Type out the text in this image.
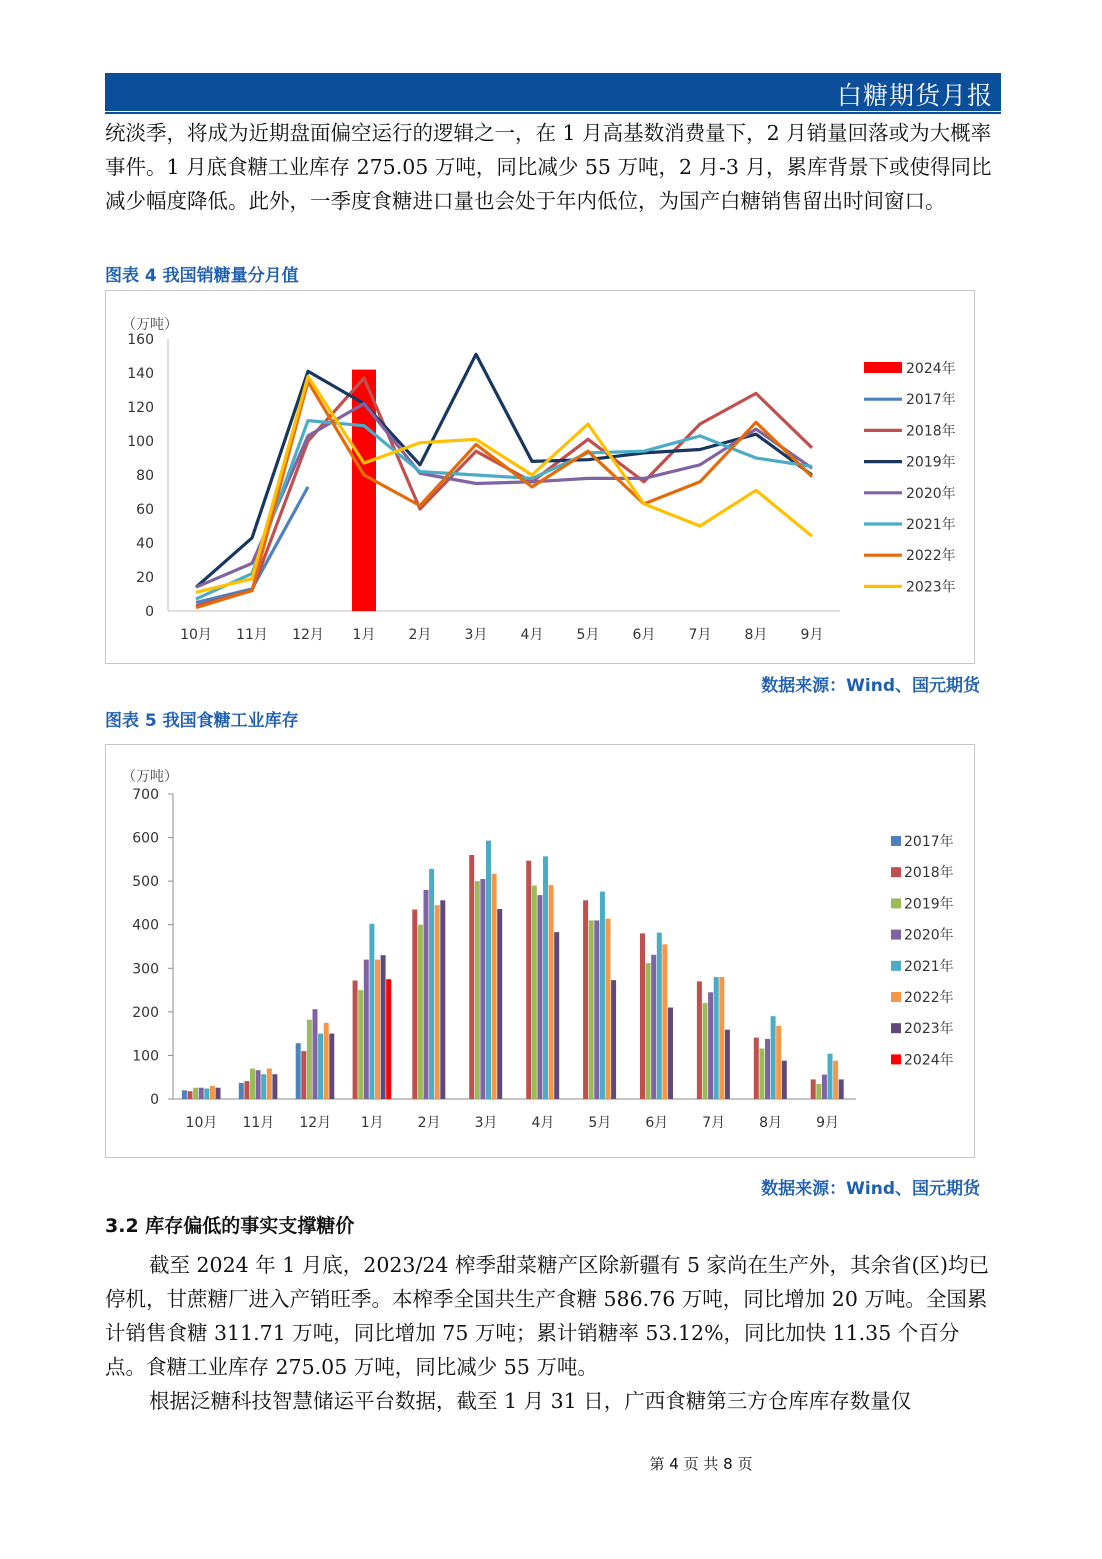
白糖期货月报

统淡季，将成为近期盘面偏空运行的逻辑之一，在 1 月高基数消费量下，2 月销量回落或为大概率事件。1 月底食糖工业库存 275.05 万吨，同比减少 55 万吨，2 月-3 月，累库背景下或使得同比减少幅度降低。此外，一季度食糖进口量也会处于年内低位，为国产白糖销售留出时间窗口。

图表 4 我国销糖量分月值
（万吨）
0
20
40
60
80
100
120
140
160
10月 11月 12月 1月 2月 3月 4月 5月 6月 7月 8月 9月
2024年
2017年
2018年
2019年
2020年
2021年
2022年
2023年
数据来源：Wind、国元期货
图表 5 我国食糖工业库存
（万吨）
0
100
200
300
400
500
600
700
10月 11月 12月 1月 2月 3月 4月 5月 6月 7月 8月 9月
2017年
2018年
2019年
2020年
2021年
2022年
2023年
2024年
数据来源：Wind、国元期货
3.2 库存偏低的事实支撑糖价

截至 2024 年 1 月底，2023/24 榨季甜菜糖产区除新疆有 5 家尚在生产外，其余省(区)均已停机，甘蔗糖厂进入产销旺季。本榨季全国共生产食糖 586.76 万吨，同比增加 20 万吨。全国累计销售食糖 311.71 万吨，同比增加 75 万吨；累计销糖率 53.12%，同比加快 11.35 个百分点。食糖工业库存 275.05 万吨，同比减少 55 万吨。

根据泛糖科技智慧储运平台数据，截至 1 月 31 日，广西食糖第三方仓库库存数量仅

第 4 页 共 8 页
